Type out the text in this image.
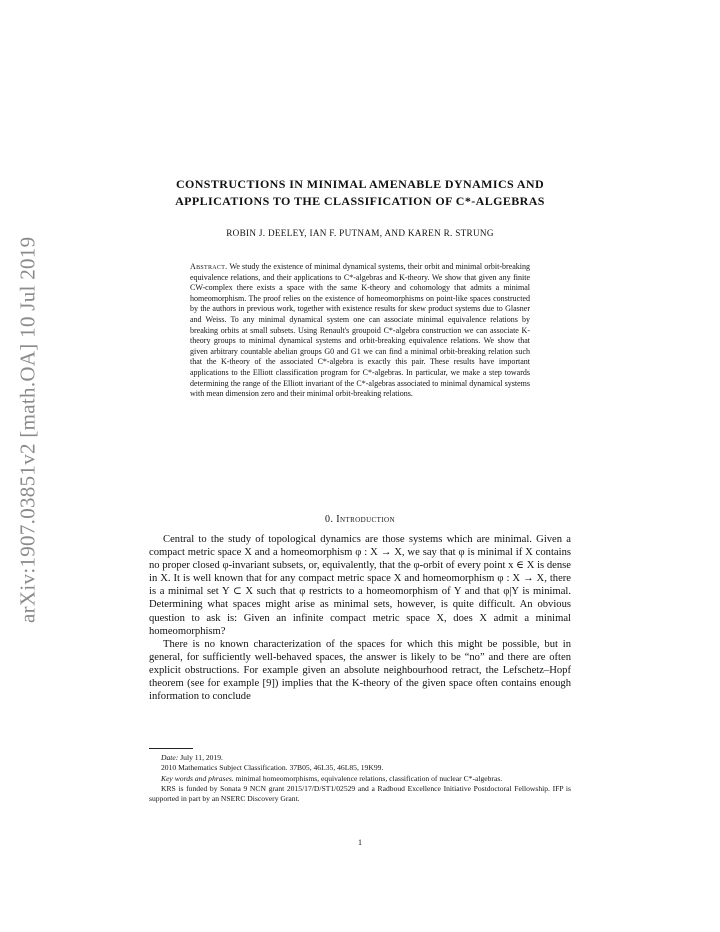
arXiv:1907.03851v2 [math.OA] 10 Jul 2019
CONSTRUCTIONS IN MINIMAL AMENABLE DYNAMICS AND
APPLICATIONS TO THE CLASSIFICATION OF C*-ALGEBRAS
ROBIN J. DEELEY, IAN F. PUTNAM, AND KAREN R. STRUNG
Abstract. We study the existence of minimal dynamical systems, their orbit and minimal orbit-breaking equivalence relations, and their applications to C*-algebras and K-theory. We show that given any finite CW-complex there exists a space with the same K-theory and cohomology that admits a minimal homeomorphism. The proof relies on the existence of homeomorphisms on point-like spaces constructed by the authors in previous work, together with existence results for skew product systems due to Glasner and Weiss. To any minimal dynamical system one can associate minimal equivalence relations by breaking orbits at small subsets. Using Renault's groupoid C*-algebra construction we can associate K-theory groups to minimal dynamical systems and orbit-breaking equivalence relations. We show that given arbitrary countable abelian groups G0 and G1 we can find a minimal orbit-breaking relation such that the K-theory of the associated C*-algebra is exactly this pair. These results have important applications to the Elliott classification program for C*-algebras. In particular, we make a step towards determining the range of the Elliott invariant of the C*-algebras associated to minimal dynamical systems with mean dimension zero and their minimal orbit-breaking relations.
0. Introduction

Central to the study of topological dynamics are those systems which are minimal. Given a compact metric space X and a homeomorphism φ : X → X, we say that φ is minimal if X contains no proper closed φ-invariant subsets, or, equivalently, that the φ-orbit of every point x ∈ X is dense in X. It is well known that for any compact metric space X and homeomorphism φ : X → X, there is a minimal set Y ⊂ X such that φ restricts to a homeomorphism of Y and that φ|Y is minimal. Determining what spaces might arise as minimal sets, however, is quite difficult. An obvious question to ask is: Given an infinite compact metric space X, does X admit a minimal homeomorphism?

There is no known characterization of the spaces for which this might be possible, but in general, for sufficiently well-behaved spaces, the answer is likely to be “no” and there are often explicit obstructions. For example given an absolute neighbourhood retract, the Lefschetz–Hopf theorem (see for example [9]) implies that the K-theory of the given space often contains enough information to conclude

Date: July 11, 2019.

2010 Mathematics Subject Classification. 37B05, 46L35, 46L85, 19K99.

Key words and phrases. minimal homeomorphisms, equivalence relations, classification of nuclear C*-algebras.

KRS is funded by Sonata 9 NCN grant 2015/17/D/ST1/02529 and a Radboud Excellence Initiative Postdoctoral Fellowship. IFP is supported in part by an NSERC Discovery Grant.

1
